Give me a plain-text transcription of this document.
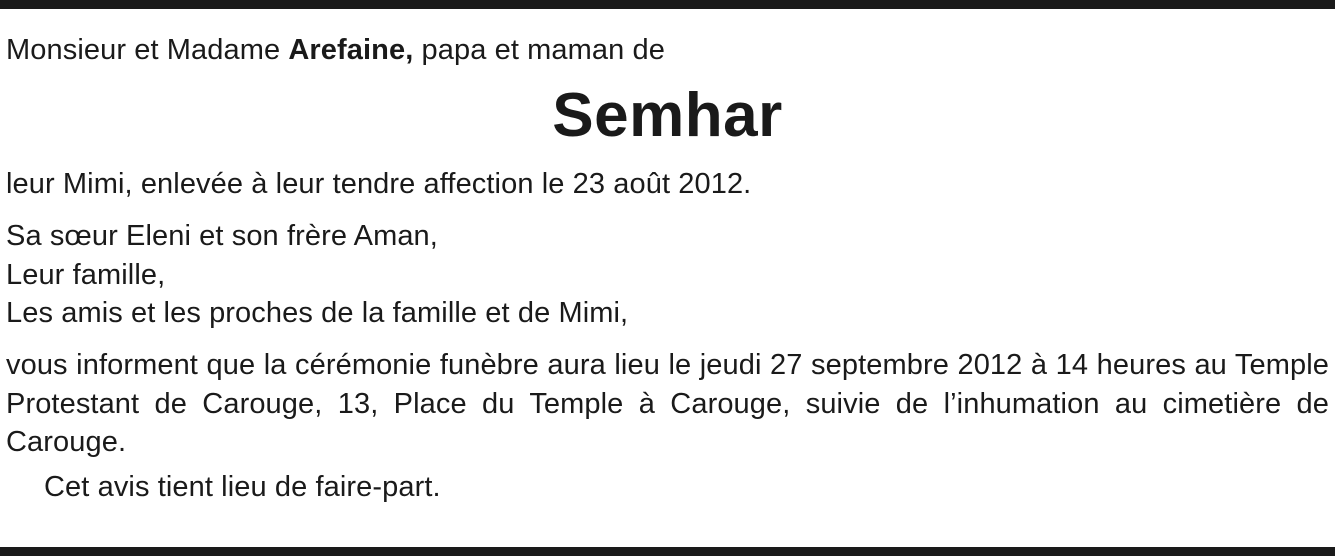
Monsieur et Madame Arefaine, papa et maman de

Semhar

leur Mimi, enlevée à leur tendre affection le 23 août 2012.

Sa sœur Eleni et son frère Aman,
Leur famille,
Les amis et les proches de la famille et de Mimi,

vous informent que la cérémonie funèbre aura lieu le jeudi 27 septembre 2012 à 14 heures au Temple Protestant de Carouge, 13, Place du Temple à Carouge, suivie de l’inhumation au cimetière de Carouge.

Cet avis tient lieu de faire-part.
